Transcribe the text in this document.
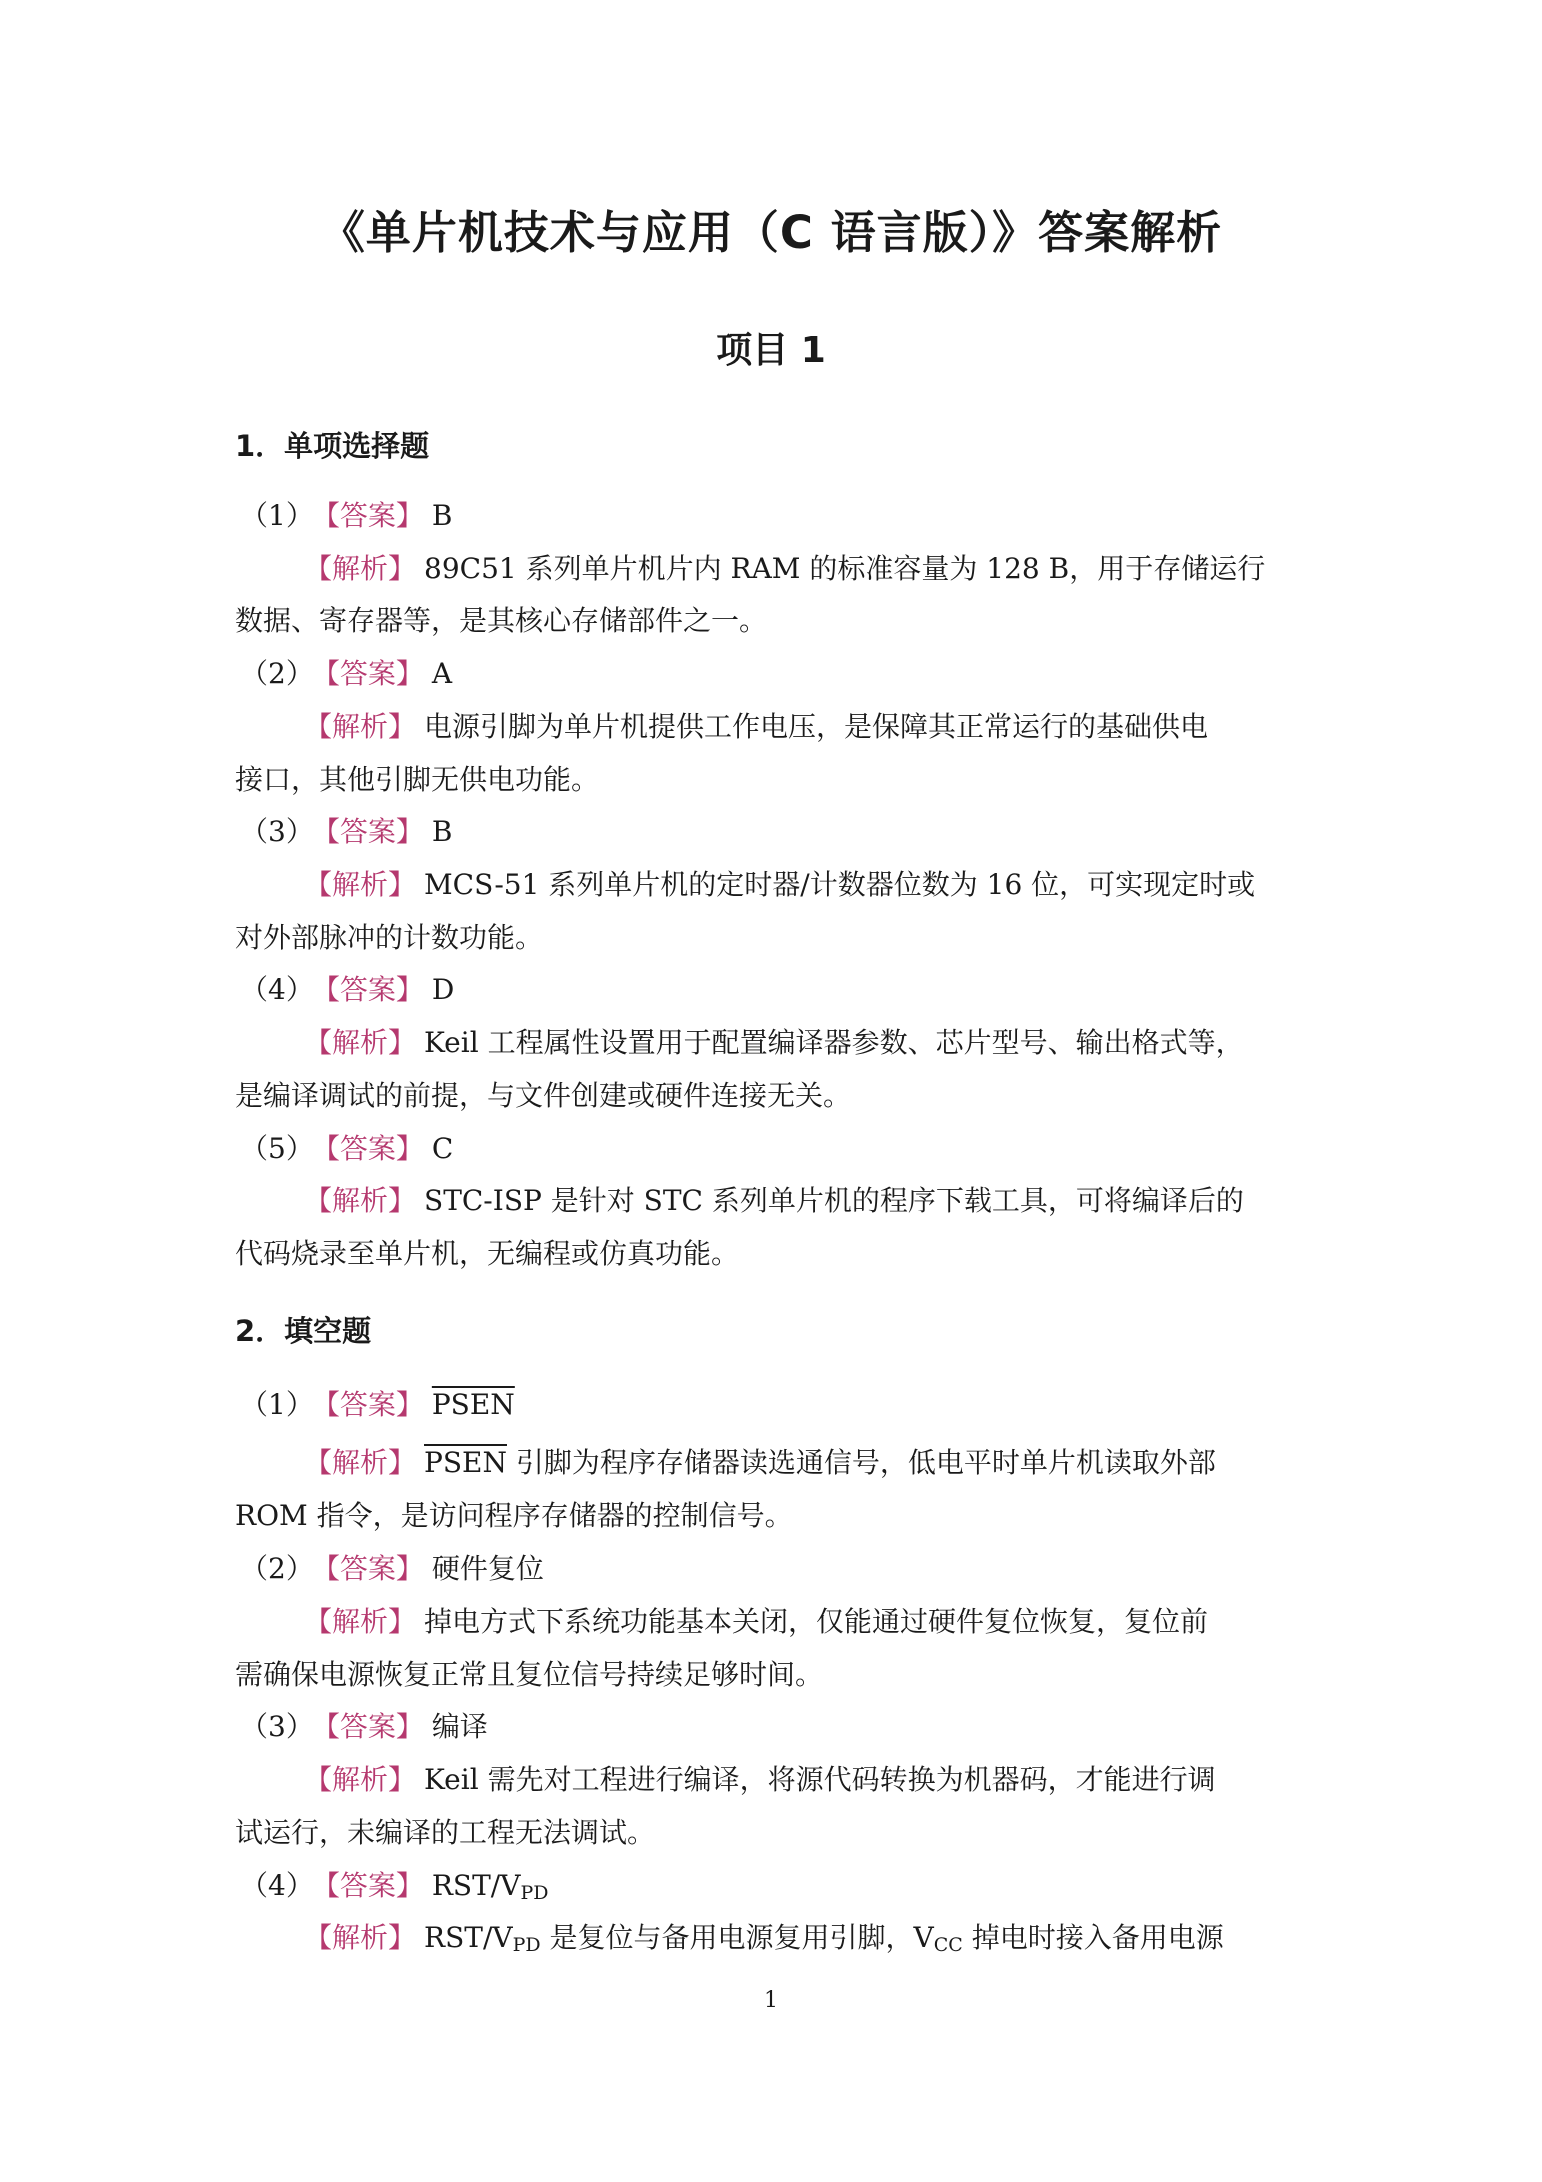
《单片机技术与应用（C 语言版）》答案解析
项目 1
1．单项选择题
（1） 【答案】 B
【解析】 89C51 系列单片机片内 RAM 的标准容量为 128 B，用于存储运行
数据、寄存器等，是其核心存储部件之一。
（2） 【答案】 A
【解析】 电源引脚为单片机提供工作电压，是保障其正常运行的基础供电
接口，其他引脚无供电功能。
（3） 【答案】 B
【解析】 MCS-51 系列单片机的定时器/计数器位数为 16 位，可实现定时或
对外部脉冲的计数功能。
（4） 【答案】 D
【解析】 Keil 工程属性设置用于配置编译器参数、芯片型号、输出格式等，
是编译调试的前提，与文件创建或硬件连接无关。
（5） 【答案】 C
【解析】 STC-ISP 是针对 STC 系列单片机的程序下载工具，可将编译后的
代码烧录至单片机，无编程或仿真功能。
2．填空题
（1） 【答案】 PSEN
【解析】 PSEN 引脚为程序存储器读选通信号，低电平时单片机读取外部
ROM 指令，是访问程序存储器的控制信号。
（2） 【答案】 硬件复位
【解析】 掉电方式下系统功能基本关闭，仅能通过硬件复位恢复，复位前
需确保电源恢复正常且复位信号持续足够时间。
（3） 【答案】 编译
【解析】 Keil 需先对工程进行编译，将源代码转换为机器码，才能进行调
试运行，未编译的工程无法调试。
（4） 【答案】 RST/$V_{PD}$
【解析】 RST/$V_{PD}$ 是复位与备用电源复用引脚，$V_{CC}$ 掉电时接入备用电源
1
